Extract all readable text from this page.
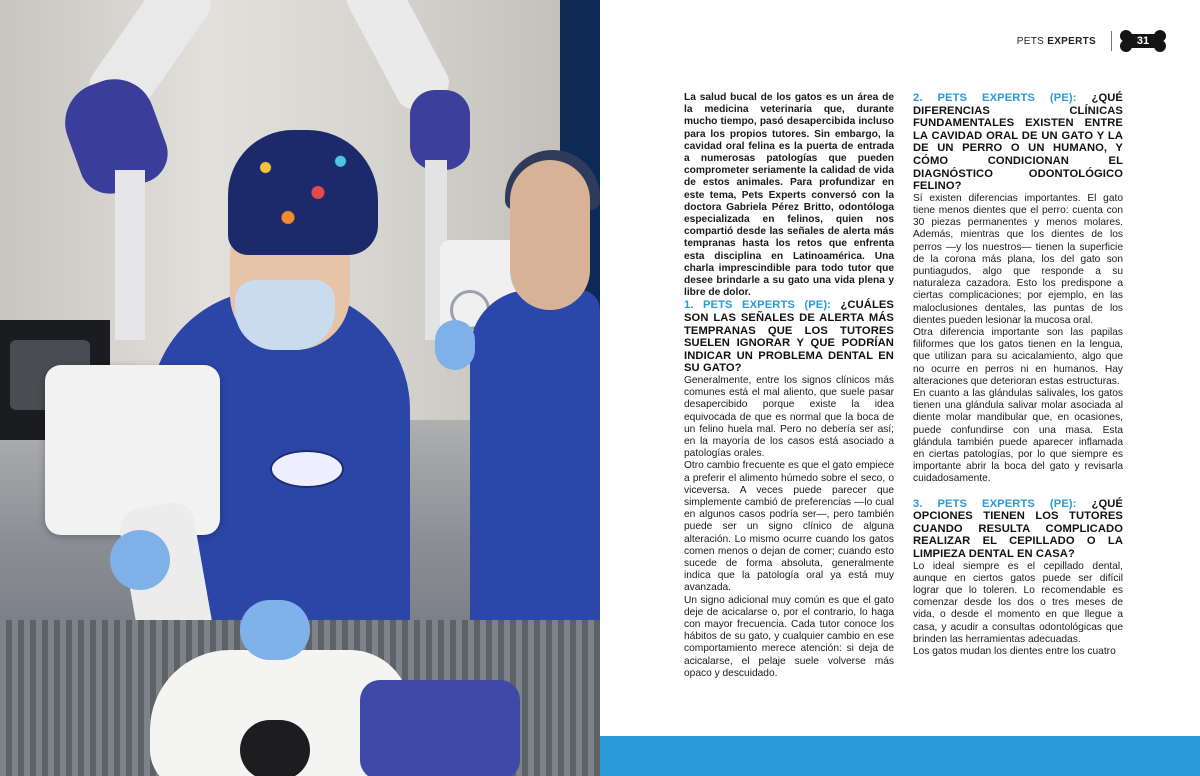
PETS EXPERTS	31

La salud bucal de los gatos es un área de la medicina veterinaria que, durante mucho tiempo, pasó desapercibida incluso para los propios tutores. Sin embargo, la cavidad oral felina es la puerta de entrada a numerosas patologías que pueden comprometer seriamente la calidad de vida de estos animales. Para profundizar en este tema, Pets Experts conversó con la doctora Gabriela Pérez Britto, odontóloga especializada en felinos, quien nos compartió desde las señales de alerta más tempranas hasta los retos que enfrenta esta disciplina en Latinoamérica. Una charla imprescindible para todo tutor que desee brindarle a su gato una vida plena y libre de dolor.

1. PETS EXPERTS (PE): ¿CUÁLES SON LAS SEÑALES DE ALERTA MÁS TEMPRANAS QUE LOS TUTORES SUELEN IGNORAR Y QUE PODRÍAN INDICAR UN PROBLEMA DENTAL EN SU GATO?

Generalmente, entre los signos clínicos más comunes está el mal aliento, que suele pasar desapercibido porque existe la idea equivocada de que es normal que la boca de un felino huela mal. Pero no debería ser así; en la mayoría de los casos está asociado a patologías orales.

Otro cambio frecuente es que el gato empiece a preferir el alimento húmedo sobre el seco, o viceversa. A veces puede parecer que simplemente cambió de preferencias —lo cual en algunos casos podría ser—, pero también puede ser un signo clínico de alguna alteración. Lo mismo ocurre cuando los gatos comen menos o dejan de comer; cuando esto sucede de forma absoluta, generalmente indica que la patología oral ya está muy avanzada.

Un signo adicional muy común es que el gato deje de acicalarse o, por el contrario, lo haga con mayor frecuencia. Cada tutor conoce los hábitos de su gato, y cualquier cambio en ese comportamiento merece atención: si deja de acicalarse, el pelaje suele volverse más opaco y descuidado.

2. PETS EXPERTS (PE): ¿QUÉ DIFERENCIAS CLÍNICAS FUNDAMENTALES EXISTEN ENTRE LA CAVIDAD ORAL DE UN GATO Y LA DE UN PERRO O UN HUMANO, Y CÓMO CONDICIONAN EL DIAGNÓSTICO ODONTOLÓGICO FELINO?

Sí existen diferencias importantes. El gato tiene menos dientes que el perro: cuenta con 30 piezas permanentes y menos molares. Además, mientras que los dientes de los perros —y los nuestros— tienen la superficie de la corona más plana, los del gato son puntiagudos, algo que responde a su naturaleza cazadora. Esto los predispone a ciertas complicaciones; por ejemplo, en las maloclusiones dentales, las puntas de los dientes pueden lesionar la mucosa oral.

Otra diferencia importante son las papilas filiformes que los gatos tienen en la lengua, que utilizan para su acicalamiento, algo que no ocurre en perros ni en humanos. Hay alteraciones que deterioran estas estructuras.

En cuanto a las glándulas salivales, los gatos tienen una glándula salivar molar asociada al diente molar mandibular que, en ocasiones, puede confundirse con una masa. Esta glándula también puede aparecer inflamada en ciertas patologías, por lo que siempre es importante abrir la boca del gato y revisarla cuidadosamente.

3. PETS EXPERTS (PE): ¿QUÉ OPCIONES TIENEN LOS TUTORES CUANDO RESULTA COMPLICADO REALIZAR EL CEPILLADO O LA LIMPIEZA DENTAL EN CASA?

Lo ideal siempre es el cepillado dental, aunque en ciertos gatos puede ser difícil lograr que lo toleren. Lo recomendable es comenzar desde los dos o tres meses de vida, o desde el momento en que llegue a casa, y acudir a consultas odontológicas que brinden las herramientas adecuadas.

Los gatos mudan los dientes entre los cuatro
